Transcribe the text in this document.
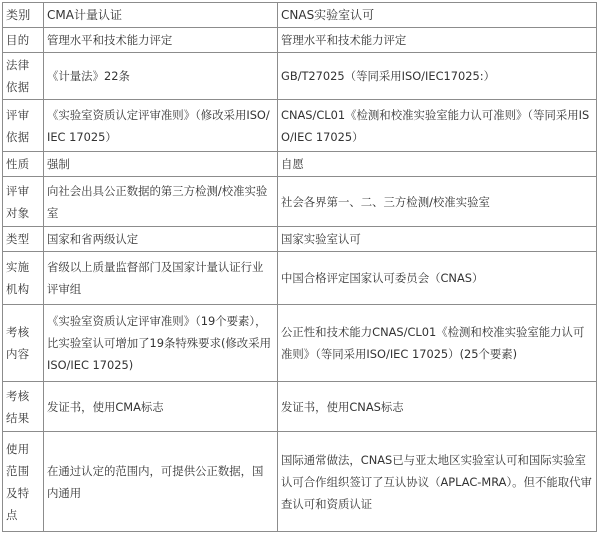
类别	CMA计量认证	CNAS实验室认可
目的	管理水平和技术能力评定	管理水平和技术能力评定
法律依据	《计量法》22条	GB/T27025（等同采用ISO/IEC17025:）
评审依据	《实验室资质认定评审准则》（修改采用ISO/IEC 17025）	CNAS/CL01《检测和校准实验室能力认可准则》（等同采用ISO/IEC 17025）
性质	强制	自愿
评审对象	向社会出具公正数据的第三方检测/校准实验室	社会各界第一、二、三方检测/校准实验室
类型	国家和省两级认定	国家实验室认可
实施机构	省级以上质量监督部门及国家计量认证行业评审组	中国合格评定国家认可委员会（CNAS）
考核内容	《实验室资质认定评审准则》（19个要素），比实验室认可增加了19条特殊要求(修改采用ISO/IEC 17025)	公正性和技术能力CNAS/CL01《检测和校准实验室能力认可准则》（等同采用ISO/IEC 17025）(25个要素)
考核结果	发证书，使用CMA标志	发证书，使用CNAS标志
使用范围及特点	在通过认定的范围内，可提供公正数据，国内通用	国际通常做法，CNAS已与亚太地区实验室认可和国际实验室认可合作组织签订了互认协议（APLAC-MRA）。但不能取代审查认可和资质认证
